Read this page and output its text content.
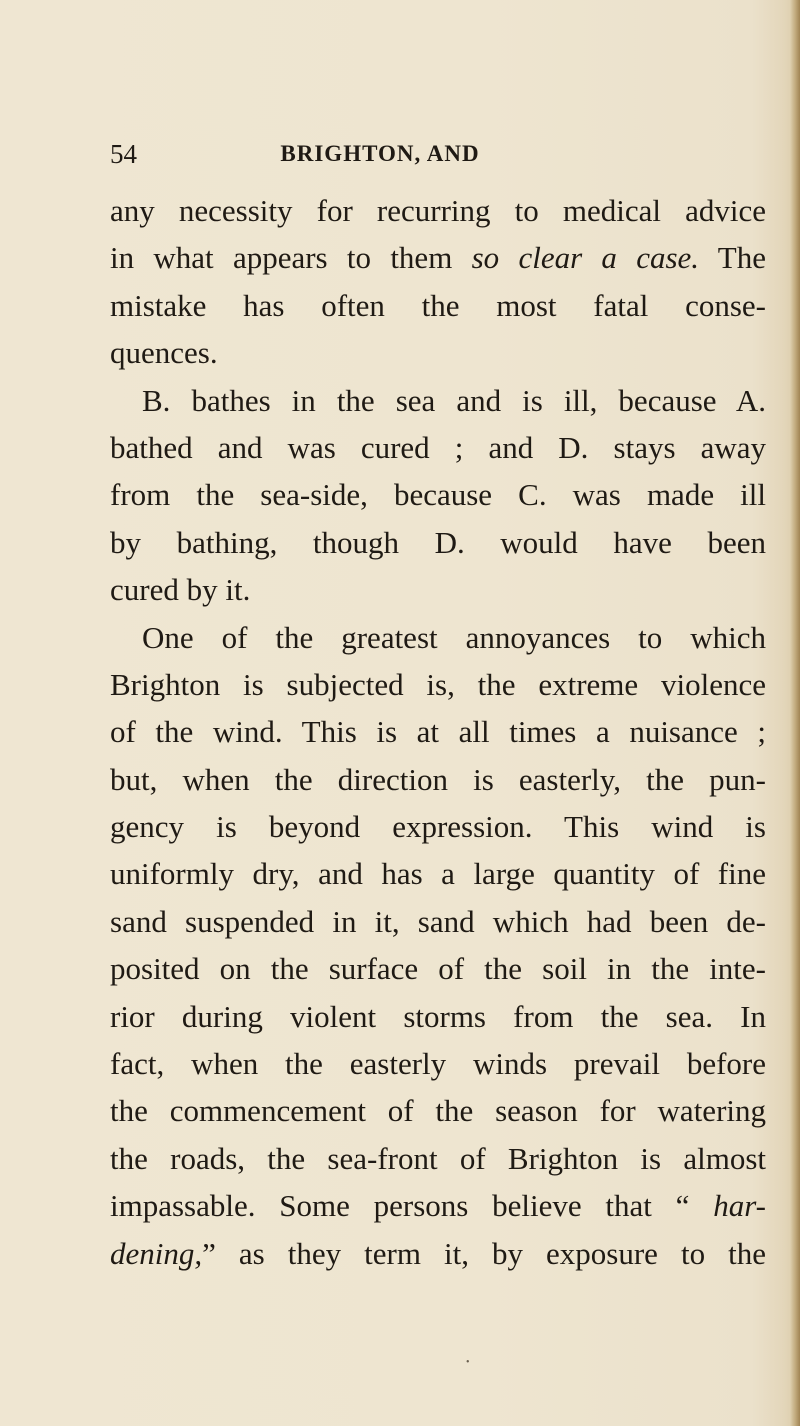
54	BRIGHTON, AND
any necessity for recurring to medical advice
in what appears to them so clear a case. The
mistake has often the most fatal conse-
quences.
B. bathes in the sea and is ill, because A.
bathed and was cured ; and D. stays away
from the sea-side, because C. was made ill
by bathing, though D. would have been
cured by it.
One of the greatest annoyances to which
Brighton is subjected is, the extreme violence
of the wind. This is at all times a nuisance ;
but, when the direction is easterly, the pun-
gency is beyond expression. This wind is
uniformly dry, and has a large quantity of fine
sand suspended in it, sand which had been de-
posited on the surface of the soil in the inte-
rior during violent storms from the sea. In
fact, when the easterly winds prevail before
the commencement of the season for watering
the roads, the sea-front of Brighton is almost
impassable. Some persons believe that “ har-
dening,” as they term it, by exposure to the
•
